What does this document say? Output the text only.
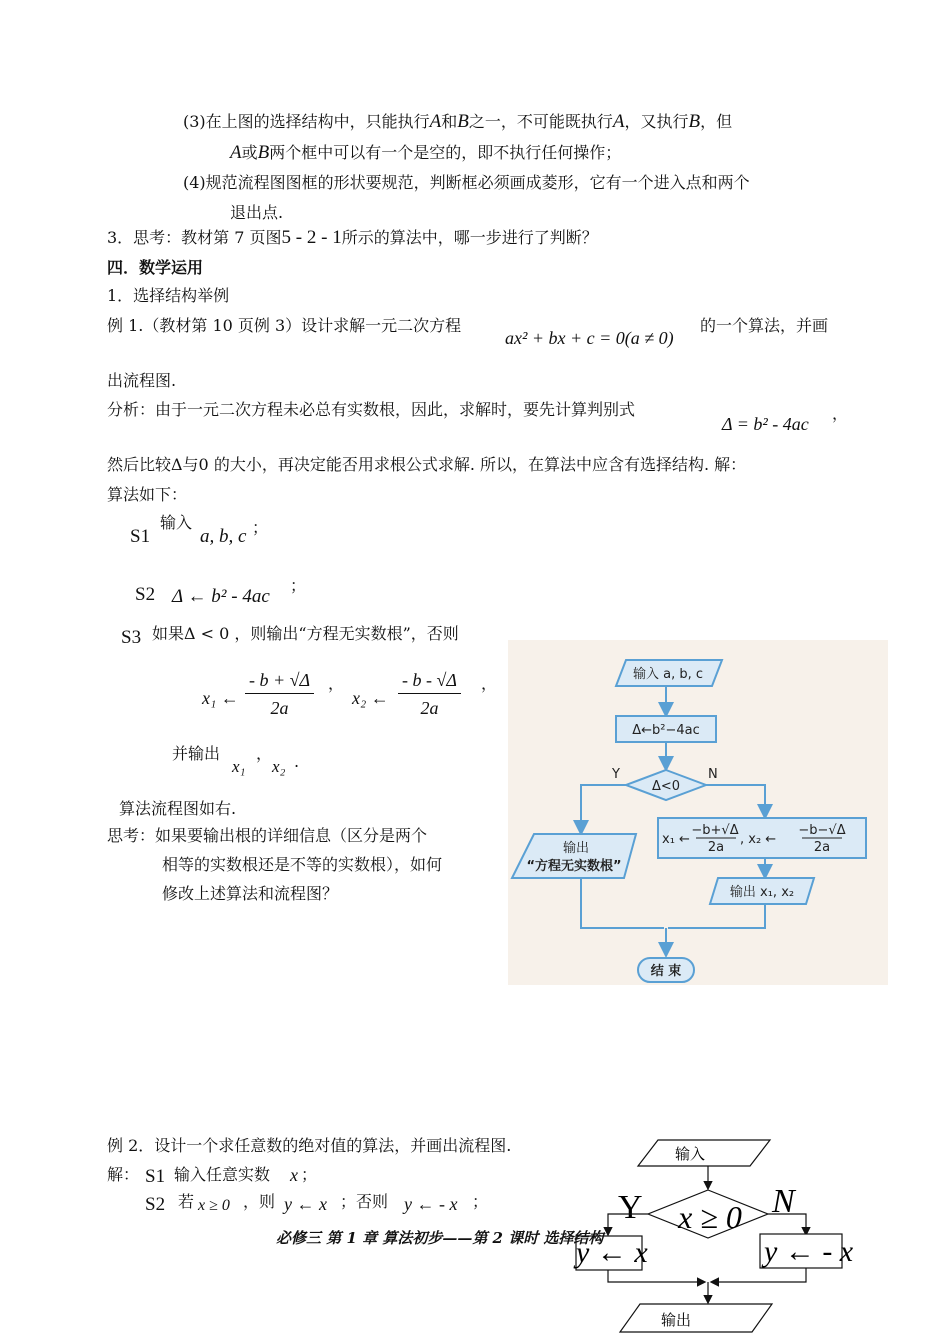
(3)在上图的选择结构中，只能执行A和B之一，不可能既执行A，又执行B，但
A或B两个框中可以有一个是空的，即不执行任何操作；
(4)规范流程图图框的形状要规范，判断框必须画成菱形，它有一个进入点和两个
退出点.
3．思考：教材第 7 页图5 - 2 - 1所示的算法中，哪一步进行了判断？
四．数学运用
1．选择结构举例
例 1.（教材第 10 页例 3）设计求解一元二次方程
ax² + bx + c = 0(a ≠ 0)
的一个算法，并画
出流程图.
分析：由于一元二次方程未必总有实数根，因此，求解时，要先计算判别式
Δ = b² - 4ac
，
然后比较Δ与0 的大小，再决定能否用求根公式求解. 所以，在算法中应含有选择结构. 解：
算法如下：
S1
输入
a, b, c ；
S2 Δ ← b² - 4ac
；
S3 如果Δ < 0 ，则输出“方程无实数根”，否则
x₁ ← $\frac{- b + √\Delta}{2a}$ ，
x₂ ← $\frac{- b - √\Delta}{2a}$ ，
并输出
x₁
，
x₂ .
算法流程图如右.
思考：如果要输出根的详细信息（区分是两个
相等的实数根还是不等的实数根），如何
修改上述算法和流程图？
输入 a, b, c
Δ←b²−4ac
Δ<0
Y	N
输出
“方程无实数根”
x₁ ←
−b+√Δ
2a
, x₂ ←
−b−√Δ
2a
输出 x₁, x₂
结 束
例 2．设计一个求任意数的绝对值的算法，并画出流程图.
解： S1 输入任意实数 x ；
S2 若 x ≥ 0 ，则 y ← x ；否则 y ← - x ；
输入
Y	N
x ≥ 0
y ← x	y ← - x
输出
必修三 第 1 章 算法初步——第 2 课时 选择结构
